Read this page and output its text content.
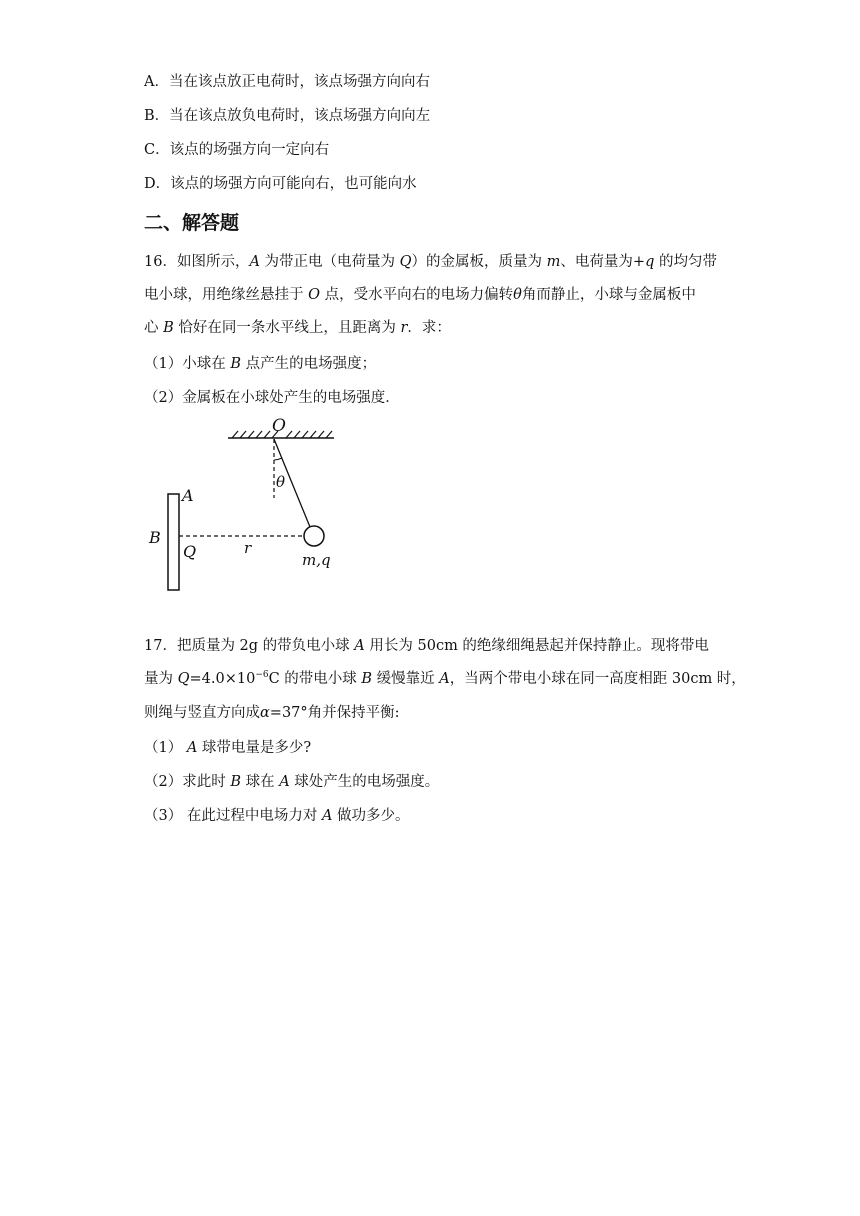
A．当在该点放正电荷时，该点场强方向向右
B．当在该点放负电荷时，该点场强方向向左
C．该点的场强方向一定向右
D．该点的场强方向可能向右，也可能向水
二、解答题
16．如图所示，A 为带正电（电荷量为 Q）的金属板，质量为 m、电荷量为+q 的均匀带
电小球，用绝缘丝悬挂于 O 点，受水平向右的电场力偏转θ角而静止，小球与金属板中
心 B 恰好在同一条水平线上，且距离为 r．求：
（1）小球在 B 点产生的电场强度；
（2）金属板在小球处产生的电场强度．
O
θ
m,q
A
B
Q	r
17．把质量为 2g 的带负电小球 A 用长为 50cm 的绝缘细绳悬起并保持静止。现将带电
量为 $Q=4.0\times 10^{-6}C$ 的带电小球 B 缓慢靠近 A，当两个带电小球在同一高度相距 30cm 时，
则绳与竖直方向成α=37°角并保持平衡:
（1） A 球带电量是多少?
（2）求此时 B 球在 A 球处产生的电场强度。
（3） 在此过程中电场力对 A 做功多少。
